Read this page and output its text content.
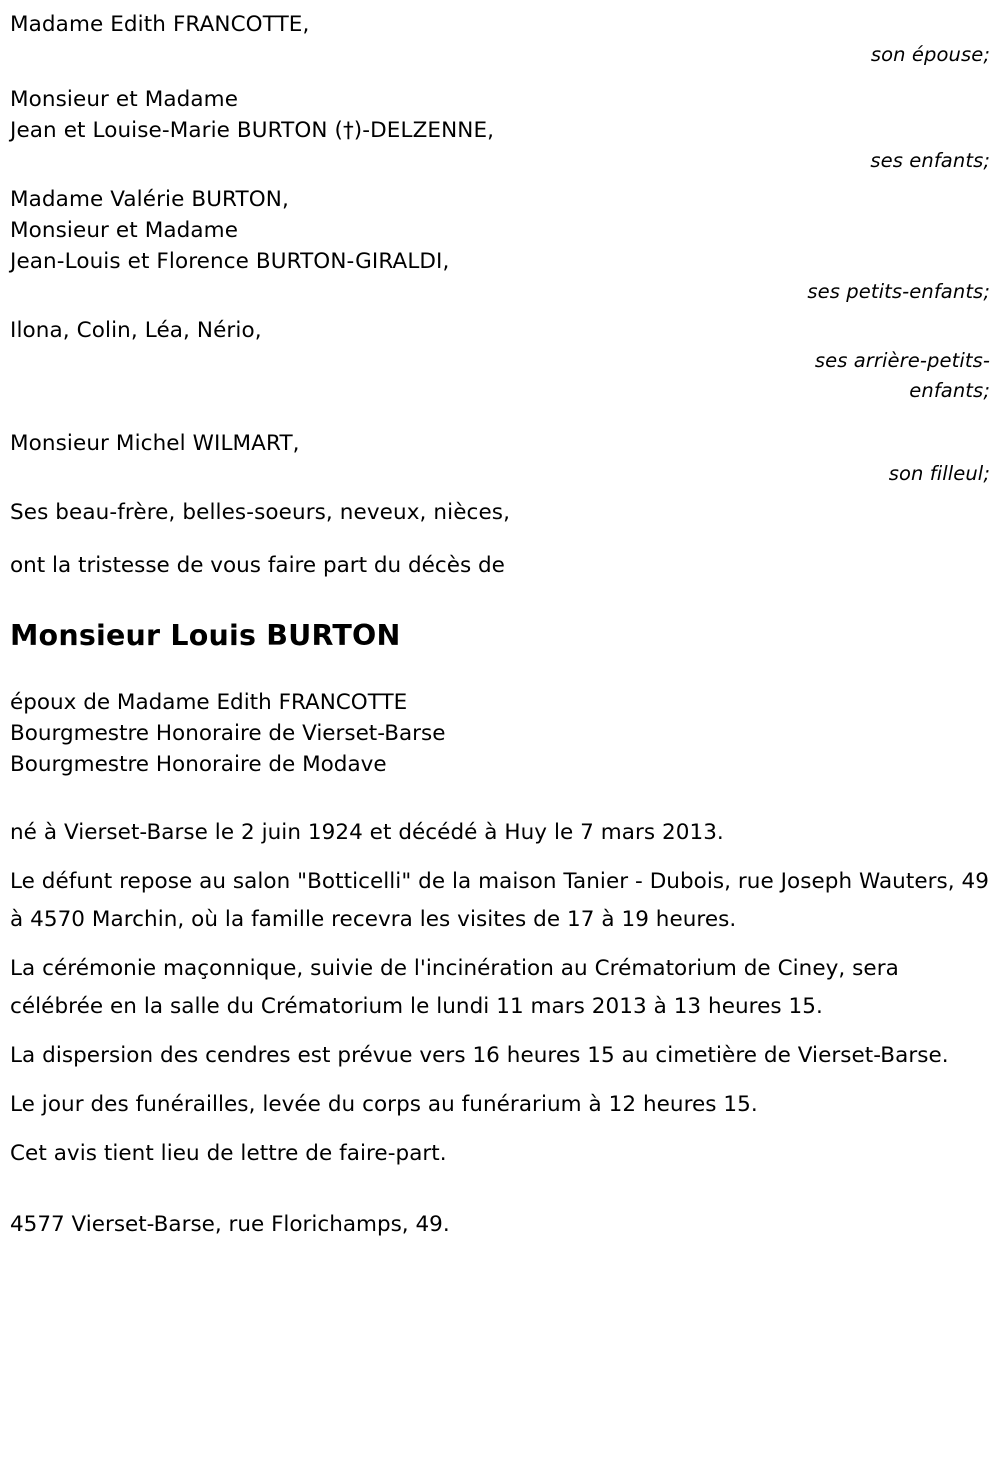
Madame Edith FRANCOTTE,
son épouse;
Monsieur et Madame
Jean et Louise-Marie BURTON (†)-DELZENNE,
ses enfants;
Madame Valérie BURTON,
Monsieur et Madame
Jean-Louis et Florence BURTON-GIRALDI,
ses petits-enfants;
Ilona, Colin, Léa, Nério,
ses arrière-petits-enfants;
Monsieur Michel WILMART,
son filleul;
Ses beau-frère, belles-soeurs, neveux, nièces,
ont la tristesse de vous faire part du décès de
Monsieur Louis BURTON
époux de Madame Edith FRANCOTTE
Bourgmestre Honoraire de Vierset-Barse
Bourgmestre Honoraire de Modave

né à Vierset-Barse le 2 juin 1924 et décédé à Huy le 7 mars 2013.

Le défunt repose au salon "Botticelli" de la maison Tanier - Dubois, rue Joseph Wauters, 49 à 4570 Marchin, où la famille recevra les visites de 17 à 19 heures.

La cérémonie maçonnique, suivie de l'incinération au Crématorium de Ciney, sera célébrée en la salle du Crématorium le lundi 11 mars 2013 à 13 heures 15.

La dispersion des cendres est prévue vers 16 heures 15 au cimetière de Vierset-Barse.

Le jour des funérailles, levée du corps au funérarium à 12 heures 15.

Cet avis tient lieu de lettre de faire-part.

4577 Vierset-Barse, rue Florichamps, 49.
